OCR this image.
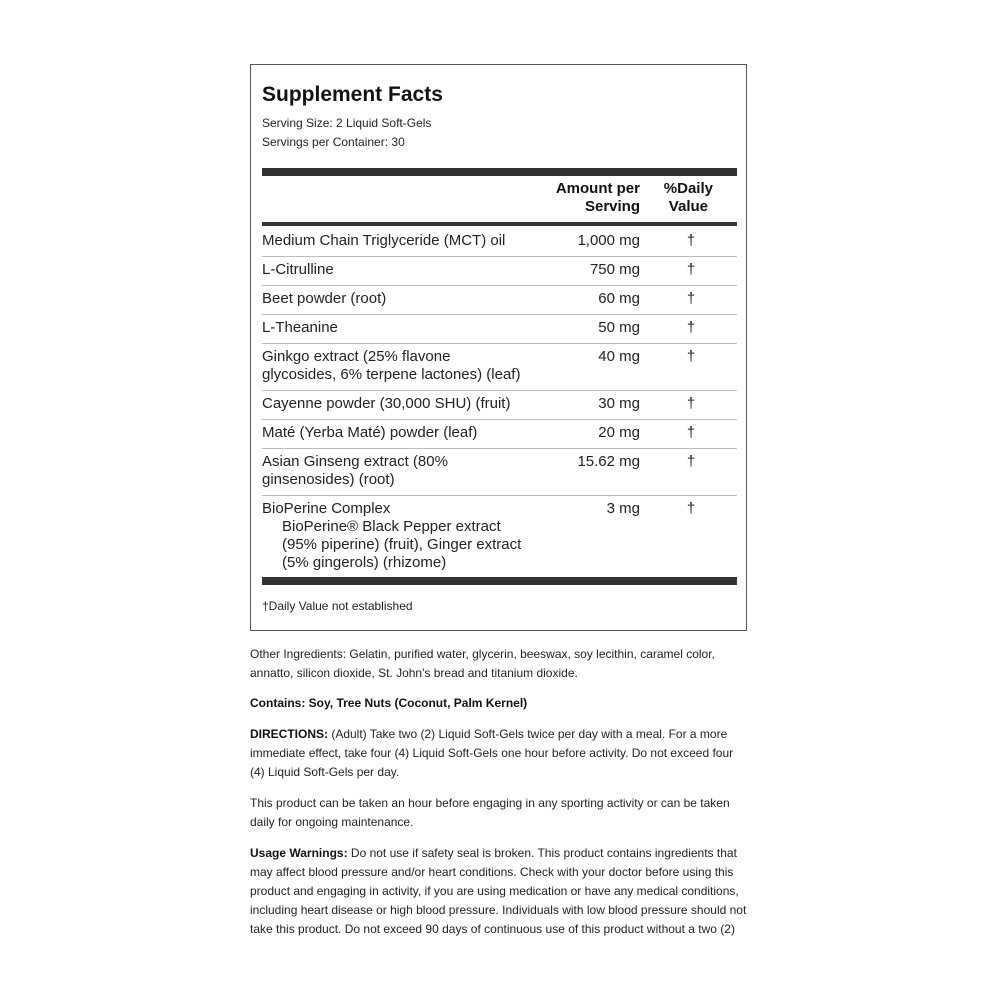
Supplement Facts
Serving Size: 2 Liquid Soft-Gels
Servings per Container: 30
Amount per
Serving
%Daily
Value
Medium Chain Triglyceride (MCT) oil	1,000 mg	†
L-Citrulline	750 mg	†
Beet powder (root)	60 mg	†
L-Theanine	50 mg	†
Ginkgo extract (25% flavone
glycosides, 6% terpene lactones) (leaf)
40 mg	†
Cayenne powder (30,000 SHU) (fruit)	30 mg	†
Maté (Yerba Maté) powder (leaf)	20 mg	†
Asian Ginseng extract (80%
ginsenosides) (root)
15.62 mg	†
BioPerine Complex
BioPerine® Black Pepper extract
(95% piperine) (fruit), Ginger extract
(5% gingerols) (rhizome)
3 mg	†
†Daily Value not established
Other Ingredients: Gelatin, purified water, glycerin, beeswax, soy lecithin, caramel color,
annatto, silicon dioxide, St. John's bread and titanium dioxide.
Contains: Soy, Tree Nuts (Coconut, Palm Kernel)
DIRECTIONS: (Adult) Take two (2) Liquid Soft-Gels twice per day with a meal. For a more
immediate effect, take four (4) Liquid Soft-Gels one hour before activity. Do not exceed four
(4) Liquid Soft-Gels per day.
This product can be taken an hour before engaging in any sporting activity or can be taken
daily for ongoing maintenance.
Usage Warnings: Do not use if safety seal is broken. This product contains ingredients that
may affect blood pressure and/or heart conditions. Check with your doctor before using this
product and engaging in activity, if you are using medication or have any medical conditions,
including heart disease or high blood pressure. Individuals with low blood pressure should not
take this product. Do not exceed 90 days of continuous use of this product without a two (2)
